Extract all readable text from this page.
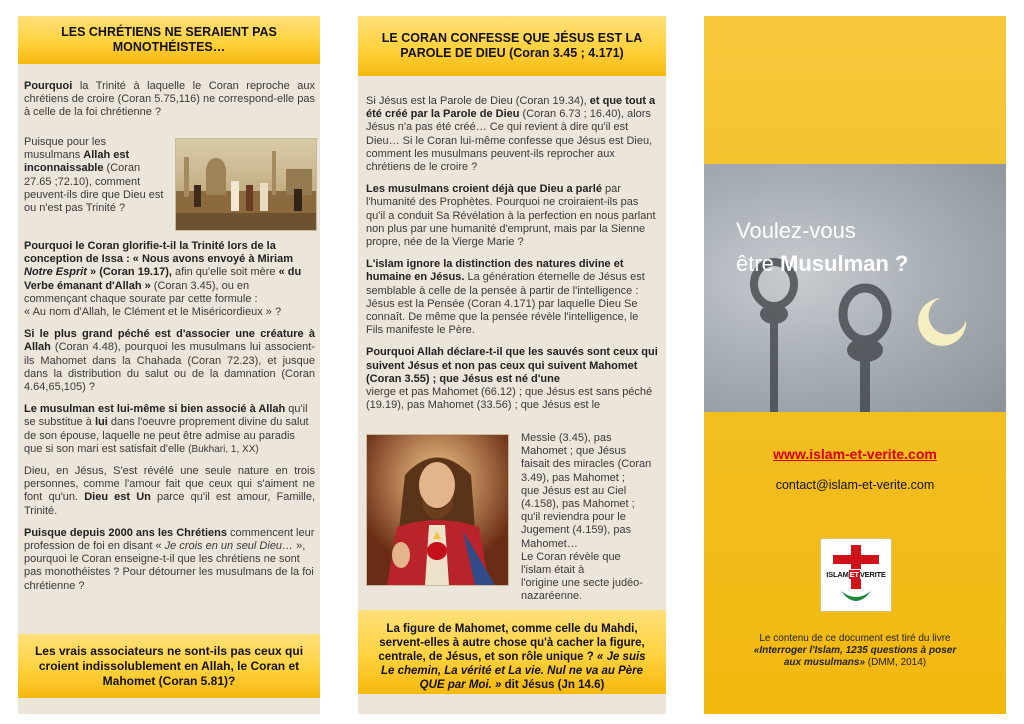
LES CHRÉTIENS NE SERAIENT PAS MONOTHÉISTES…

Pourquoi la Trinité à laquelle le Coran reproche aux chrétiens de croire (Coran 5.75,116) ne correspond-elle pas à celle de la foi chrétienne ?

Puisque pour les musulmans Allah est inconnaissable (Coran 27.65 ;72.10), comment peuvent-ils dire que Dieu est ou n'est pas Trinité ?

Pourquoi le Coran glorifie-t-il la Trinité lors de la conception de Issa : « Nous avons envoyé à Miriam Notre Esprit » (Coran 19.17), afin qu'elle soit mère « du Verbe émanant d'Allah » (Coran 3.45), ou en commençant chaque sourate par cette formule :
« Au nom d'Allah, le Clément et le Miséricordieux » ?

Si le plus grand péché est d'associer une créature à Allah (Coran 4.48), pourquoi les musulmans lui associent-ils Mahomet dans la Chahada (Coran 72.23), et jusque dans la distribution du salut ou de la damnation (Coran 4.64,65,105) ?

Le musulman est lui-même si bien associé à Allah qu'il se substitue à lui dans l'oeuvre proprement divine du salut de son épouse, laquelle ne peut être admise au paradis que si son mari est satisfait d'elle (Bukhari, 1, XX)

Dieu, en Jésus, S'est révélé une seule nature en trois personnes, comme l'amour fait que ceux qui s'aiment ne font qu'un. Dieu est Un parce qu'il est amour, Famille, Trinité.

Puisque depuis 2000 ans les Chrétiens commencent leur profession de foi en disant « Je crois en un seul Dieu… », pourquoi le Coran enseigne-t-il que les chrétiens ne sont pas monothéistes ? Pour détourner les musulmans de la foi chrétienne ?

Les vrais associateurs ne sont-ils pas ceux qui croient indissolublement en Allah, le Coran et Mahomet (Coran 5.81)?
LE CORAN CONFESSE QUE JÉSUS EST LA
PAROLE DE DIEU (Coran 3.45 ; 4.171)

Si Jésus est la Parole de Dieu (Coran 19.34), et que tout a été créé par la Parole de Dieu (Coran 6.73 ; 16.40), alors Jésus n'a pas été créé… Ce qui revient à dire qu'il est Dieu… Si le Coran lui-même confesse que Jésus est Dieu, comment les musulmans peuvent-ils reprocher aux chrétiens de le croire ?

Les musulmans croient déjà que Dieu a parlé par l'humanité des Prophètes. Pourquoi ne croiraient-ils pas qu'il a conduit Sa Révélation à la perfection en nous parlant non plus par une humanité d'emprunt, mais par la Sienne propre, née de la Vierge Marie ?

L'islam ignore la distinction des natures divine et humaine en Jésus. La génération éternelle de Jésus est semblable à celle de la pensée à partir de l'intelligence : Jésus est la Pensée (Coran 4.171) par laquelle Dieu Se connaît. De même que la pensée révèle l'intelligence, le Fils manifeste le Père.

Pourquoi Allah déclare-t-il que les sauvés sont ceux qui suivent Jésus et non pas ceux qui suivent Mahomet (Coran 3.55) ; que Jésus est né d'une
vierge et pas Mahomet (66.12) ; que Jésus est sans péché (19.19), pas Mahomet (33.56) ; que Jésus est le

Messie (3.45), pas
Mahomet ; que Jésus
faisait des miracles (Coran
3.49), pas Mahomet ;
que Jésus est au Ciel
(4.158), pas Mahomet ;
qu'il reviendra pour le
Jugement (4.159), pas
Mahomet…
Le Coran révèle que
l'islam était à
l'origine une secte judéo-
nazaréenne.
La figure de Mahomet, comme celle du Mahdi, servent-elles à autre chose qu'à cacher la figure, centrale, de Jésus, et son rôle unique ? « Je suis Le chemin, La vérité et La vie. Nul ne va au Père QUE par Moi. » dit Jésus (Jn 14.6)
Voulez-vous
être Musulman ?
www.islam-et-verite.com
contact@islam-et-verite.com
ISLAMETVERITE
Le contenu de ce document est tiré du livre
«Interroger l'Islam, 1235 questions à poser aux musulmans» (DMM, 2014)
